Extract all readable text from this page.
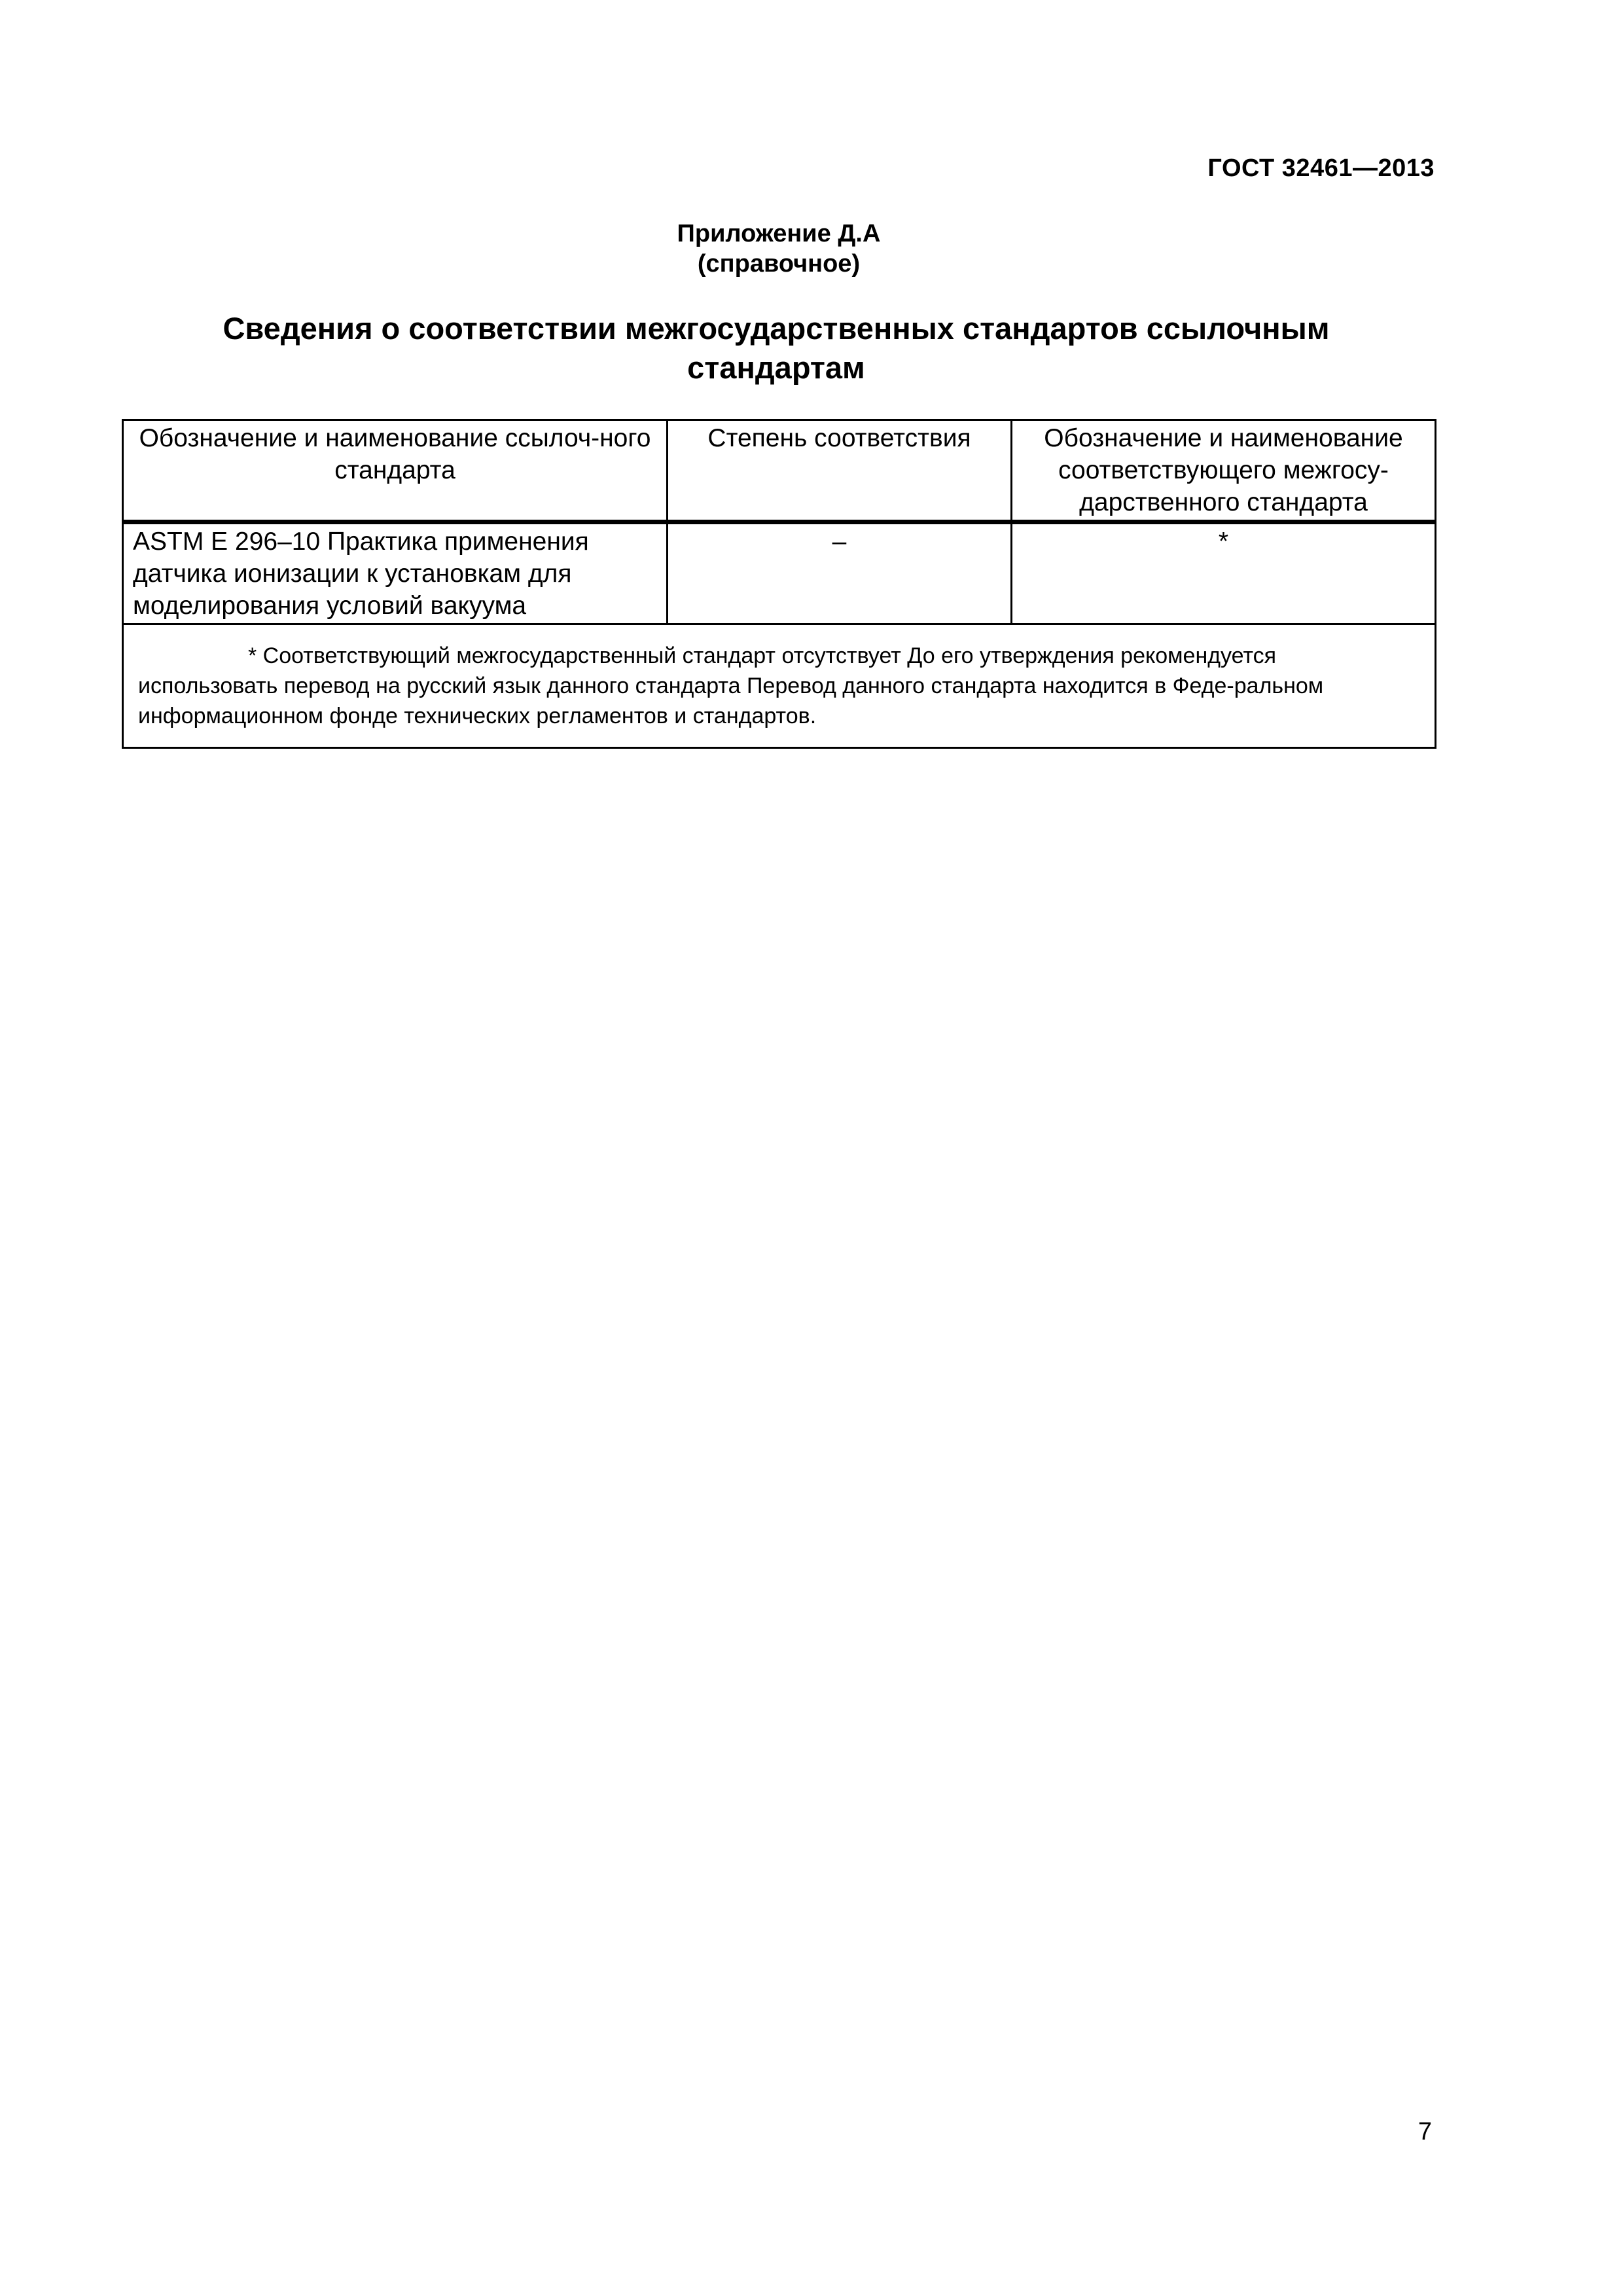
ГОСТ 32461—2013
Приложение Д.А
(справочное)
Сведения о соответствии межгосударственных стандартов ссылочным
стандартам
Обозначение и наименование ссылоч-ного стандарта	Степень соответствия	Обозначение и наименование соответствующего межгосу-дарственного стандарта
ASTM E 296–10 Практика применения датчика ионизации к установкам для моделирования условий вакуума	–	*
* Соответствующий межгосударственный стандарт отсутствует До его утверждения рекомендуется использовать перевод на русский язык данного стандарта Перевод данного стандарта находится в Феде-ральном информационном фонде технических регламентов и стандартов.		
7
